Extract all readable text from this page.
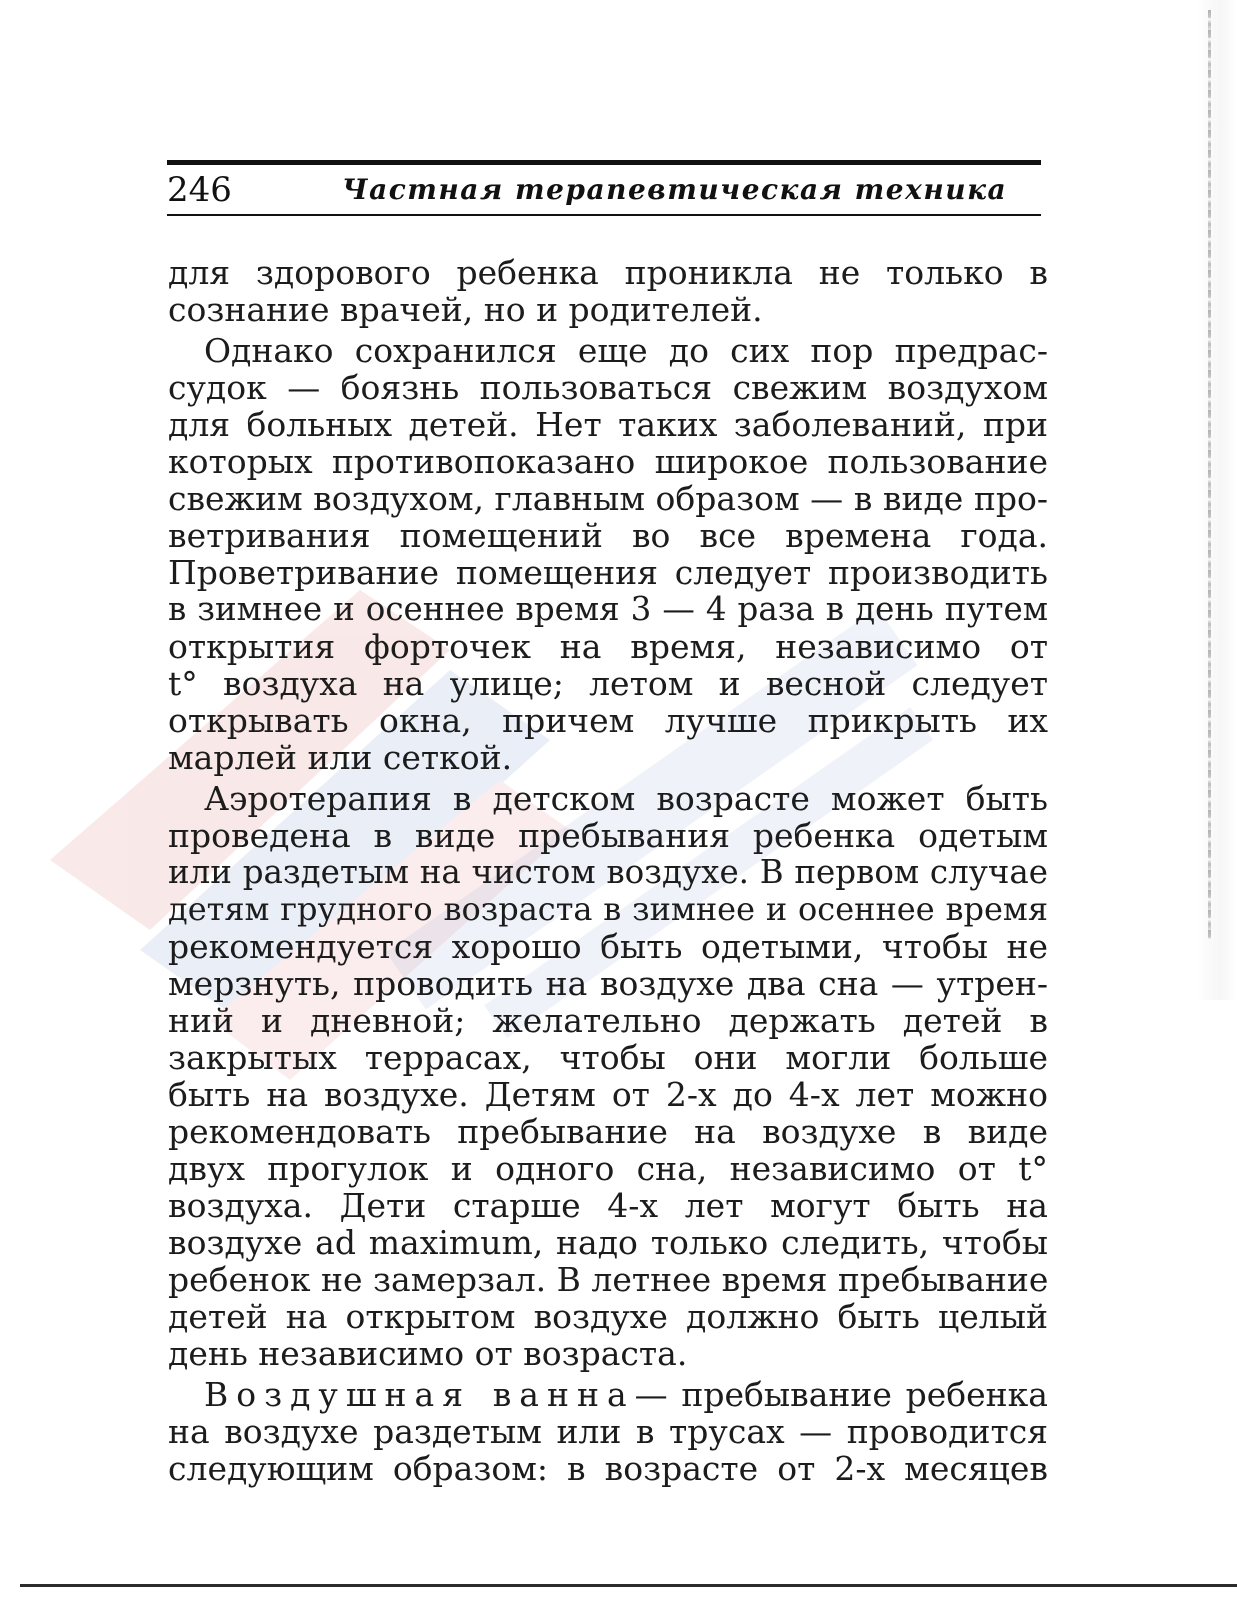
246	Частная терапевтическая техника

для здорового ребенка проникла не только в
сознание врачей, но и родителей.

Однако сохранился еще до сих пор предрас-
судок — боязнь пользоваться свежим воздухом
для больных детей. Нет таких заболеваний, при
которых противопоказано широкое пользование
свежим воздухом, главным образом — в виде про-
ветривания помещений во все времена года.
Проветривание помещения следует производить
в зимнее и осеннее время 3 — 4 раза в день путем
открытия форточек на время, независимо от
t° воздуха на улице; летом и весной следует
открывать окна, причем лучше прикрыть их
марлей или сеткой.

Аэротерапия в детском возрасте может быть
проведена в виде пребывания ребенка одетым
или раздетым на чистом воздухе. В первом случае
детям грудного возраста в зимнее и осеннее время
рекомендуется хорошо быть одетыми, чтобы не
мерзнуть, проводить на воздухе два сна — утрен-
ний и дневной; желательно держать детей в
закрытых террасах, чтобы они могли больше
быть на воздухе. Детям от 2-х до 4-х лет можно
рекомендовать пребывание на воздухе в виде
двух прогулок и одного сна, независимо от t°
воздуха. Дети старше 4-х лет могут быть на
воздухе ad maximum, надо только следить, чтобы
ребенок не замерзал. В летнее время пребывание
детей на открытом воздухе должно быть целый
день независимо от возраста.

Воздушная ванна— пребывание ребенка
на воздухе раздетым или в трусах — проводится
следующим образом: в возрасте от 2-х месяцев
